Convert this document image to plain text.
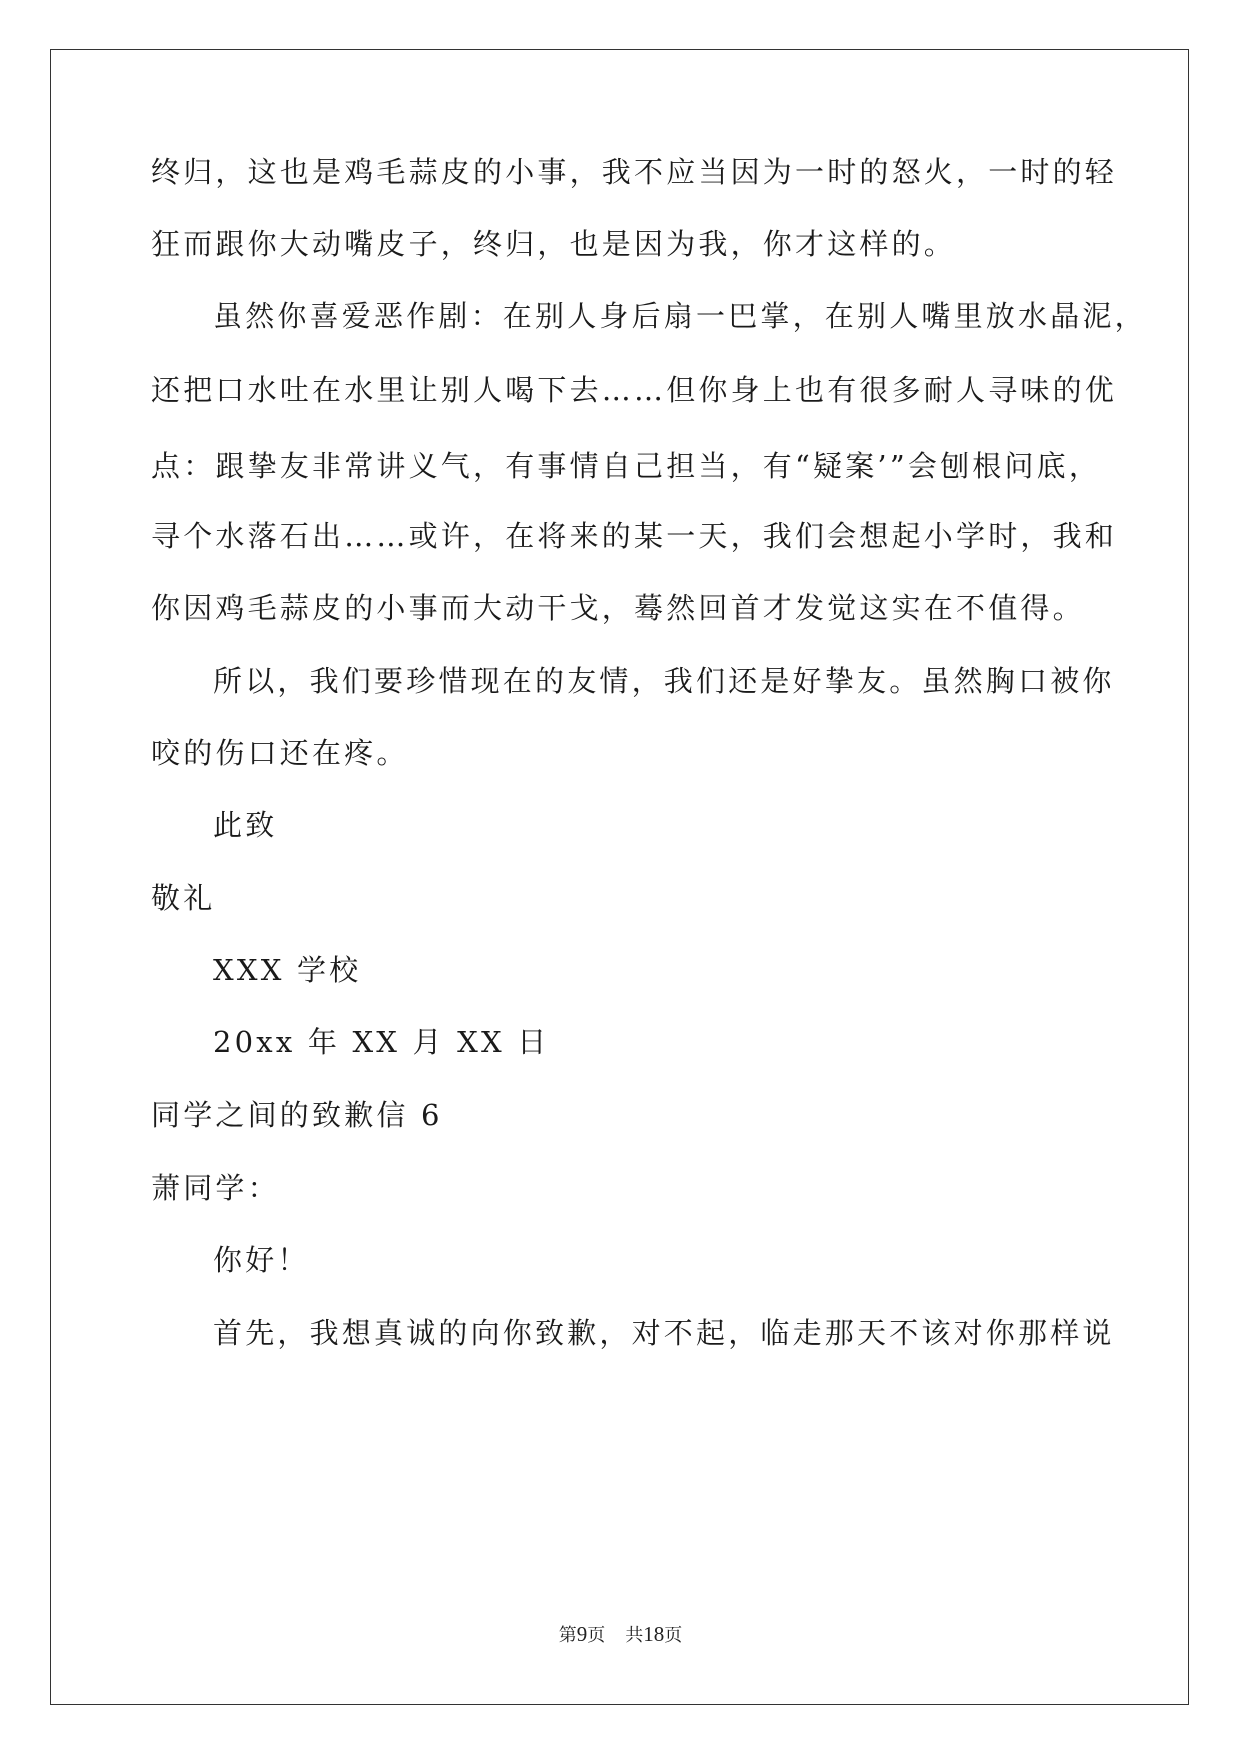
终归，这也是鸡毛蒜皮的小事，我不应当因为一时的怒火，一时的轻
狂而跟你大动嘴皮子，终归，也是因为我，你才这样的。
虽然你喜爱恶作剧：在别人身后扇一巴掌，在别人嘴里放水晶泥，
还把口水吐在水里让别人喝下去……但你身上也有很多耐人寻味的优
点：跟挚友非常讲义气，有事情自己担当，有“疑案’”会刨根问底，
寻个水落石出……或许，在将来的某一天，我们会想起小学时，我和
你因鸡毛蒜皮的小事而大动干戈，蓦然回首才发觉这实在不值得。
所以，我们要珍惜现在的友情，我们还是好挚友。虽然胸口被你
咬的伤口还在疼。
此致
敬礼
XXX 学校
20xx 年 XX 月 XX 日
同学之间的致歉信 6
萧同学：
你好！
首先，我想真诚的向你致歉，对不起，临走那天不该对你那样说
第9页 共18页
